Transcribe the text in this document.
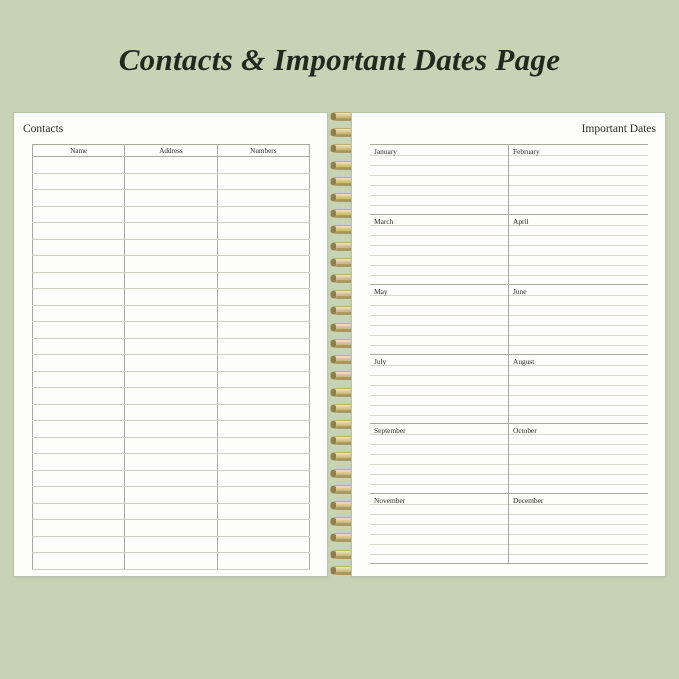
Contacts & Important Dates Page
Contacts
Name	Address	Numbers

Important Dates
January	February
March	April
May	June
July	August
September	October
November	December
